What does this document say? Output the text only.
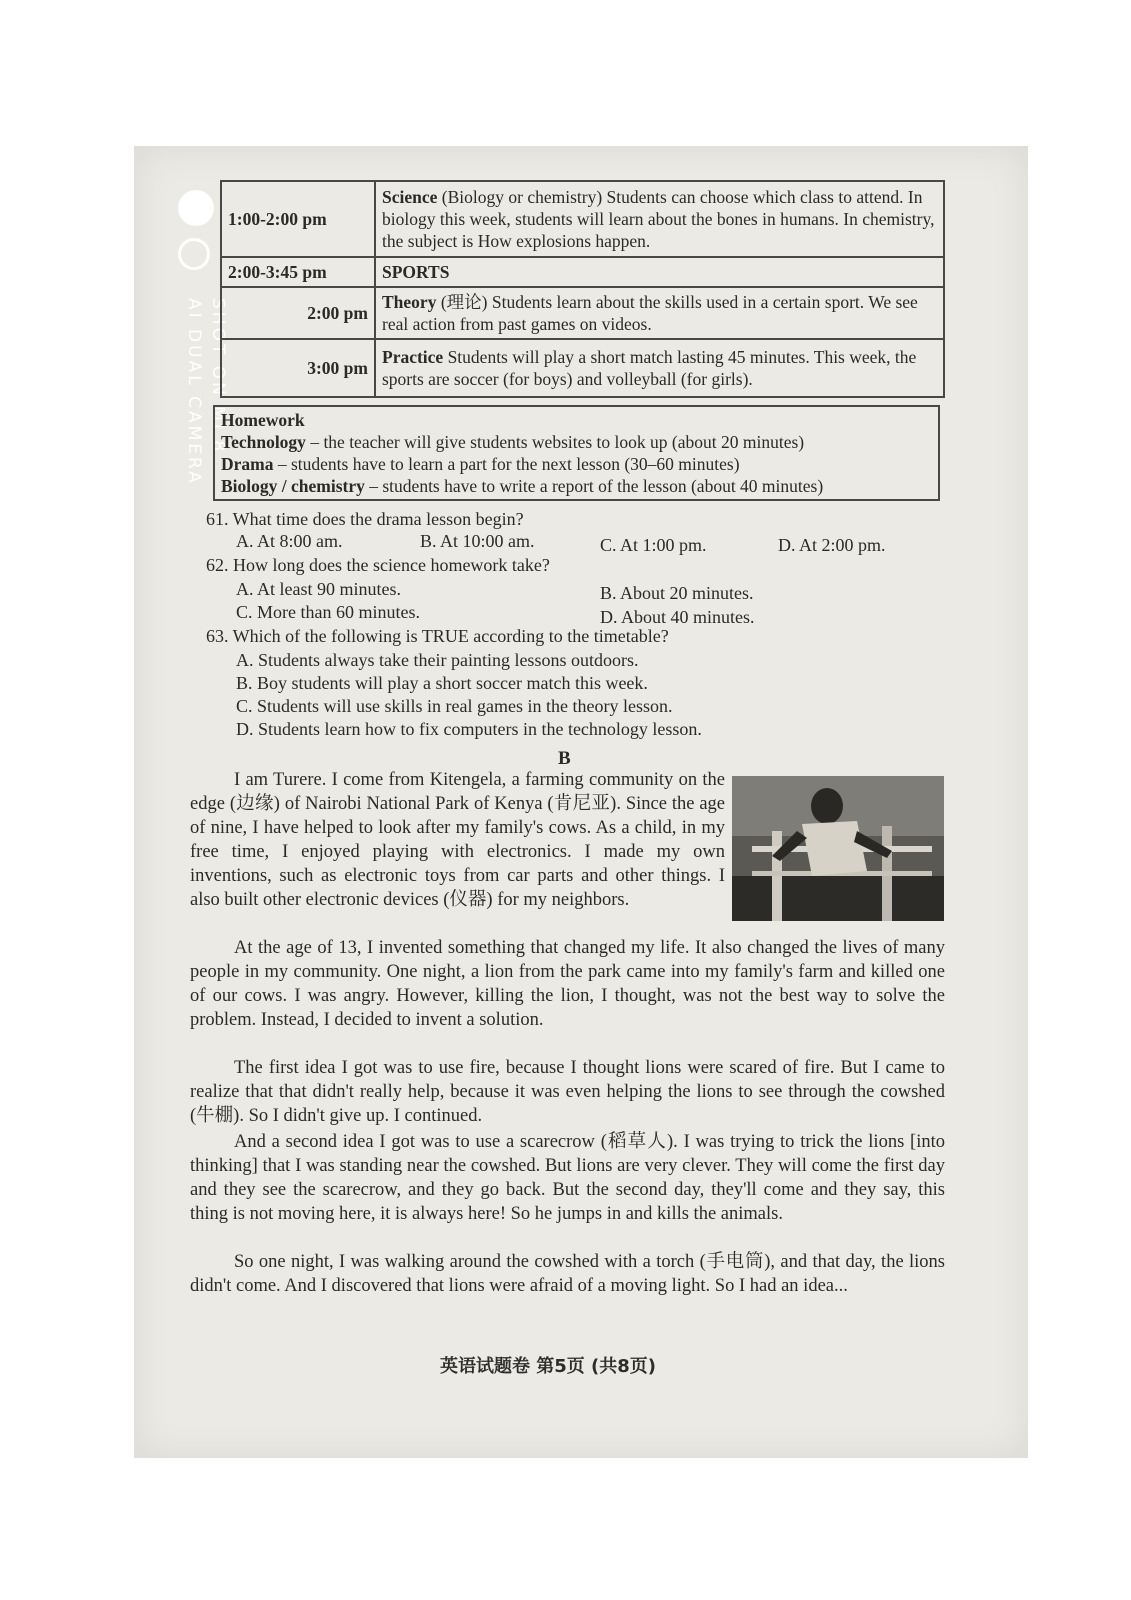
SHOT ON MI 8
AI DUAL CAMERA
1:00-2:00 pm	Science (Biology or chemistry) Students can choose which class to attend. In biology this week, students will learn about the bones in humans. In chemistry, the subject is How explosions happen.
2:00-3:45 pm	SPORTS
2:00 pm	Theory (理论) Students learn about the skills used in a certain sport. We see real action from past games on videos.
3:00 pm	Practice Students will play a short match lasting 45 minutes. This week, the sports are soccer (for boys) and volleyball (for girls).
Homework
Technology – the teacher will give students websites to look up (about 20 minutes)
Drama – students have to learn a part for the next lesson (30–60 minutes)
Biology / chemistry – students have to write a report of the lesson (about 40 minutes)
61. What time does the drama lesson begin?
A. At 8:00 am.	B. At 10:00 am.	C. At 1:00 pm.	D. At 2:00 pm.
62. How long does the science homework take?
A. At least 90 minutes.	B. About 20 minutes.
C. More than 60 minutes.	D. About 40 minutes.
63. Which of the following is TRUE according to the timetable?
A. Students always take their painting lessons outdoors.
B. Boy students will play a short soccer match this week.
C. Students will use skills in real games in the theory lesson.
D. Students learn how to fix computers in the technology lesson.
B
I am Turere. I come from Kitengela, a farming community on the edge (边缘) of Nairobi National Park of Kenya (肯尼亚). Since the age of nine, I have helped to look after my family's cows. As a child, in my free time, I enjoyed playing with electronics. I made my own inventions, such as electronic toys from car parts and other things. I also built other electronic devices (仪器) for my neighbors.
At the age of 13, I invented something that changed my life. It also changed the lives of many people in my community. One night, a lion from the park came into my family's farm and killed one of our cows. I was angry. However, killing the lion, I thought, was not the best way to solve the problem. Instead, I decided to invent a solution.
The first idea I got was to use fire, because I thought lions were scared of fire. But I came to realize that that didn't really help, because it was even helping the lions to see through the cowshed (牛棚). So I didn't give up. I continued.
And a second idea I got was to use a scarecrow (稻草人). I was trying to trick the lions [into thinking] that I was standing near the cowshed. But lions are very clever. They will come the first day and they see the scarecrow, and they go back. But the second day, they'll come and they say, this thing is not moving here, it is always here! So he jumps in and kills the animals.
So one night, I was walking around the cowshed with a torch (手电筒), and that day, the lions didn't come. And I discovered that lions were afraid of a moving light. So I had an idea...
英语试题卷 第5页 (共8页)
